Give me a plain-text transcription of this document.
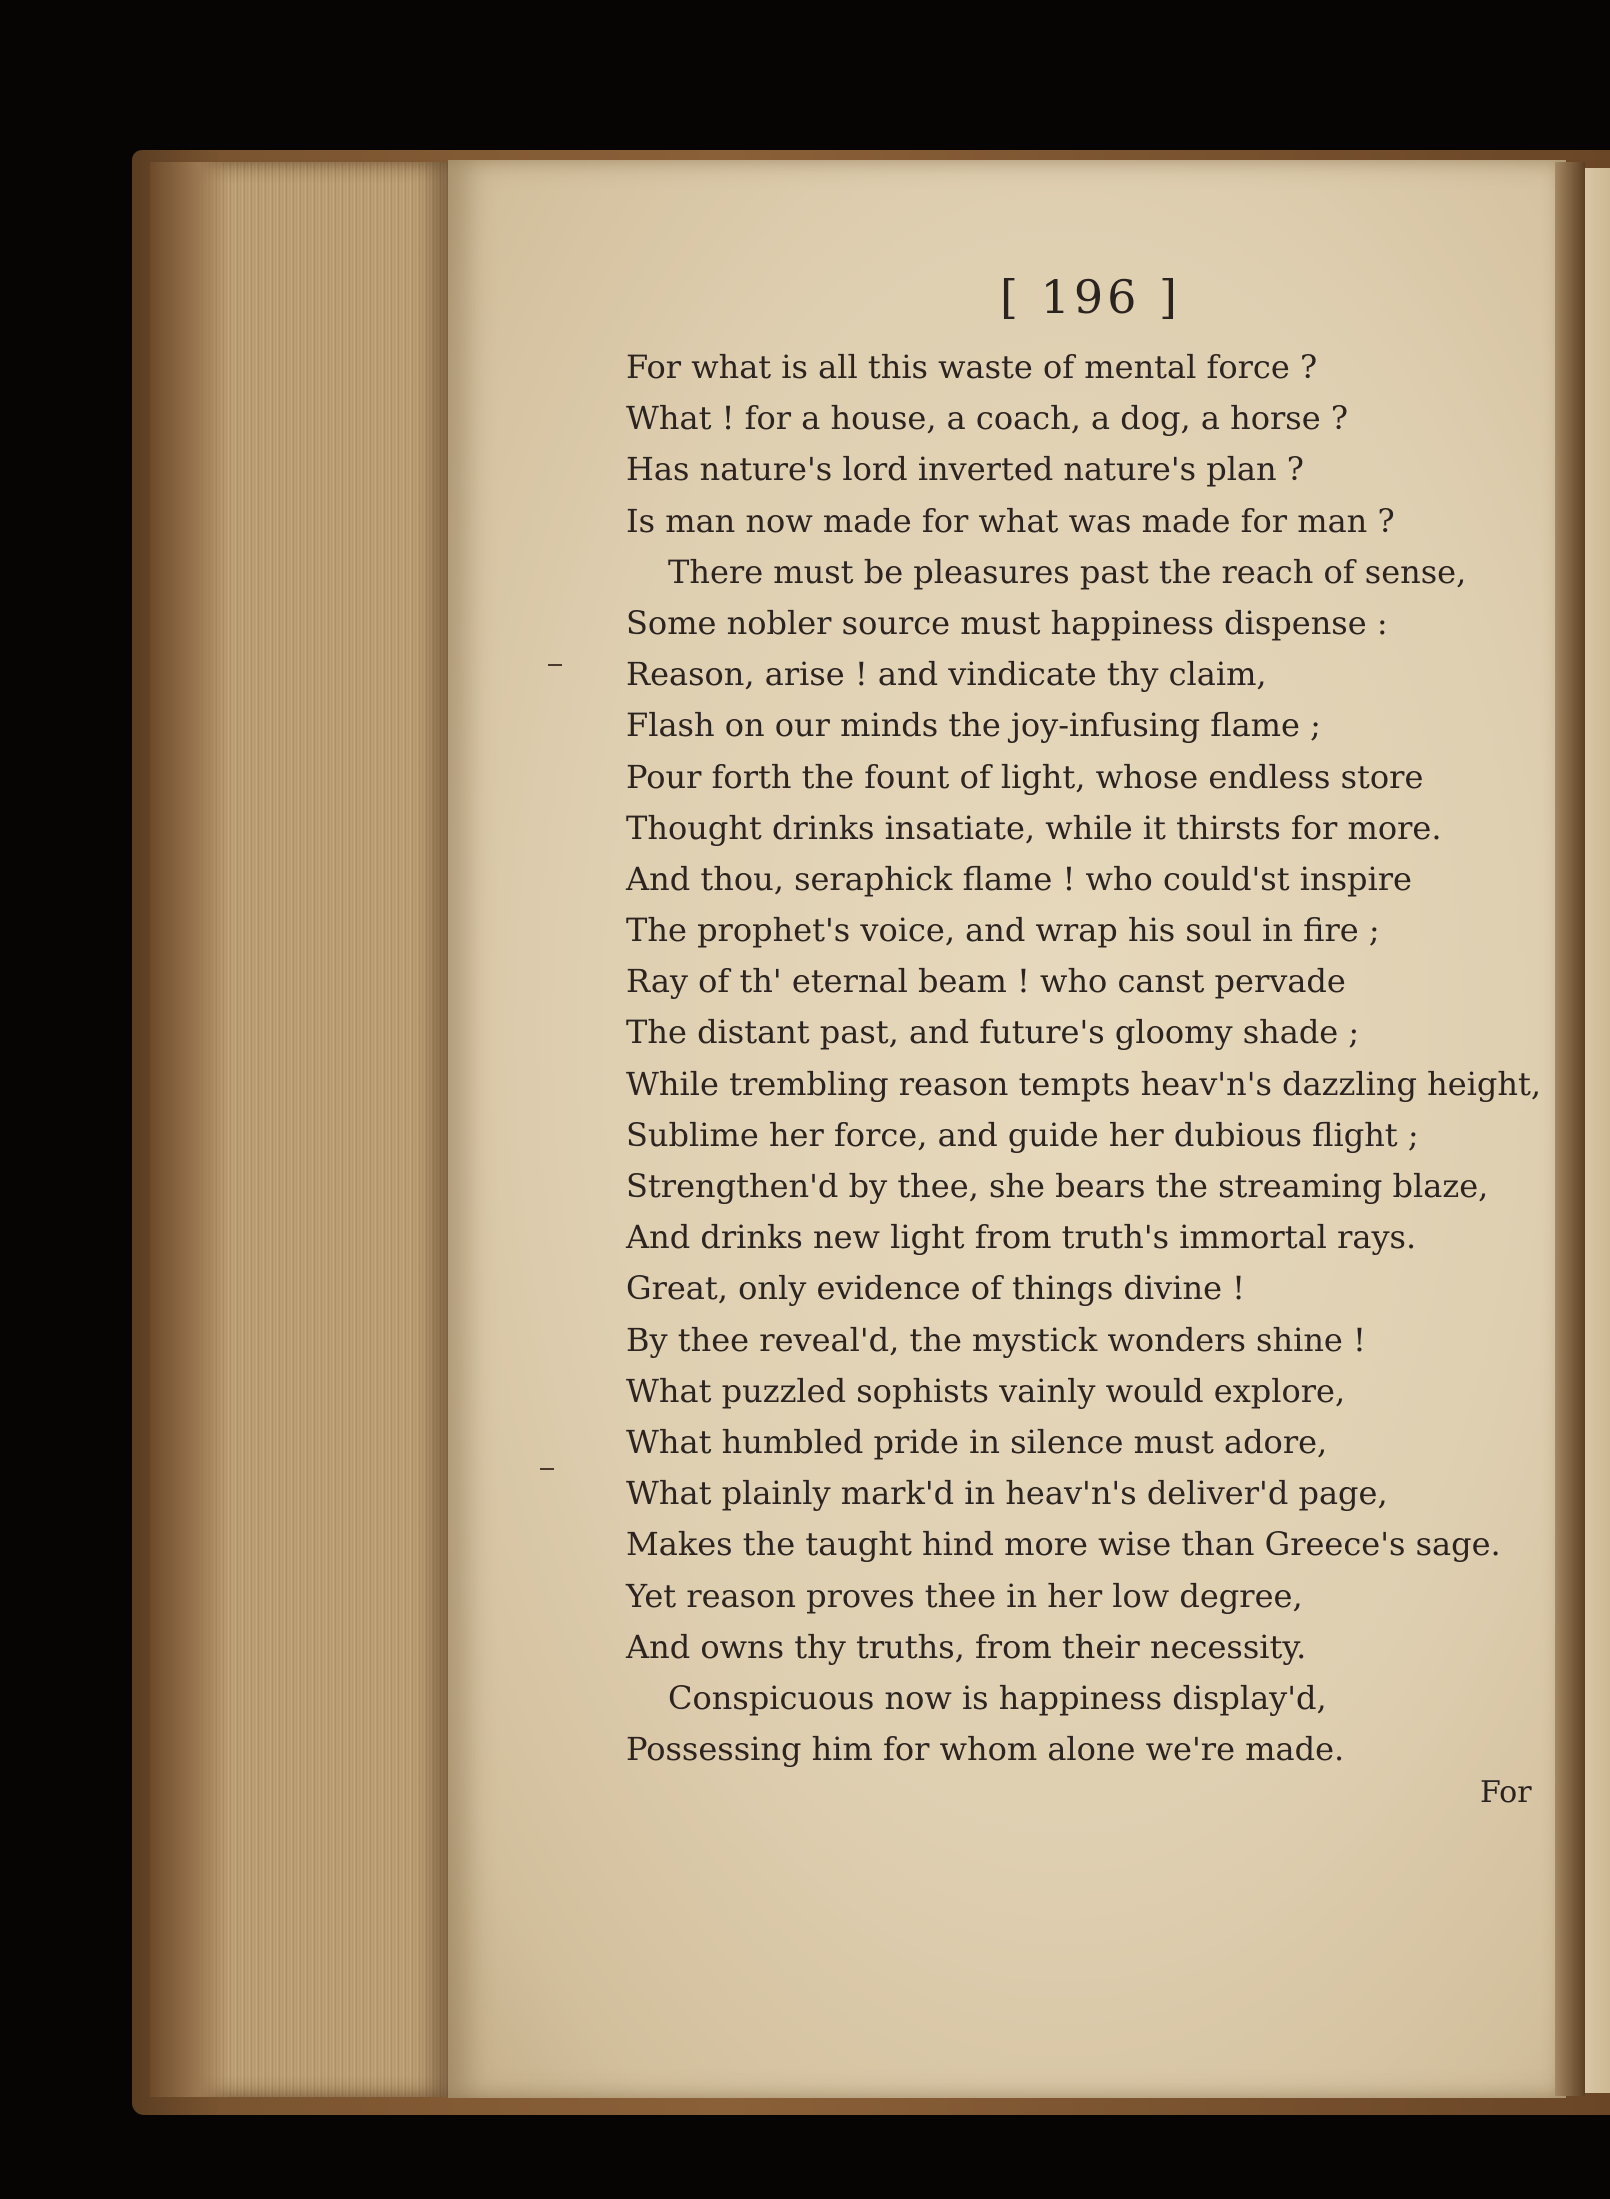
[ 196 ]
For what is all this waste of mental force ?
What ! for a house, a coach, a dog, a horse ?
Has nature's lord inverted nature's plan ?
Is man now made for what was made for man ?
There must be pleasures past the reach of sense,
Some nobler source must happiness dispense :
Reason, arise ! and vindicate thy claim,
Flash on our minds the joy-infusing flame ;
Pour forth the fount of light, whose endless store
Thought drinks insatiate, while it thirsts for more.
And thou, seraphick flame ! who could'st inspire
The prophet's voice, and wrap his soul in fire ;
Ray of th' eternal beam ! who canst pervade
The distant past, and future's gloomy shade ;
While trembling reason tempts heav'n's dazzling height,
Sublime her force, and guide her dubious flight ;
Strengthen'd by thee, she bears the streaming blaze,
And drinks new light from truth's immortal rays.
Great, only evidence of things divine !
By thee reveal'd, the mystick wonders shine !
What puzzled sophists vainly would explore,
What humbled pride in silence must adore,
What plainly mark'd in heav'n's deliver'd page,
Makes the taught hind more wise than Greece's sage.
Yet reason proves thee in her low degree,
And owns thy truths, from their necessity.
Conspicuous now is happiness display'd,
Possessing him for whom alone we're made.
For
